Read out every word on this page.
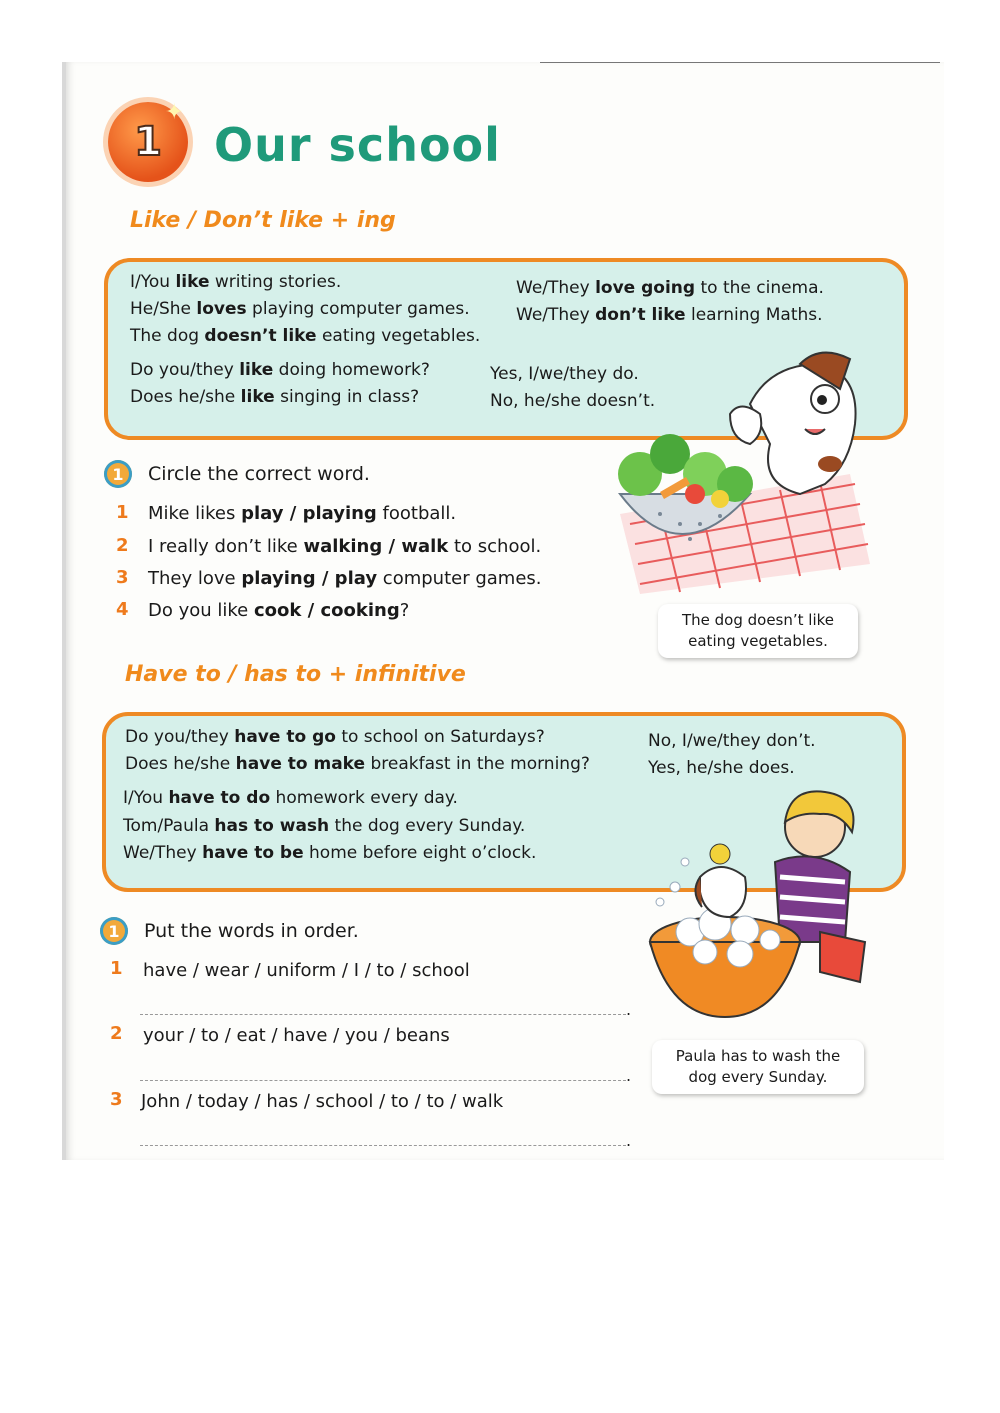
1
✦
Our school
Like / Don’t like + ing
I/You like writing stories.
He/She loves playing computer games.
The dog doesn’t like eating vegetables.
We/They love going to the cinema.
We/They don’t like learning Maths.
Do you/they like doing homework?
Does he/she like singing in class?
Yes, I/we/they do.
No, he/she doesn’t.
1 Circle the correct word.
1 Mike likes play / playing football.
2 I really don’t like walking / walk to school.
3 They love playing / play computer games.
4 Do you like cook / cooking?	The dog doesn’t like
eating vegetables.
Have to / has to + infinitive
Do you/they have to go to school on Saturdays?
Does he/she have to make breakfast in the morning?
No, I/we/they don’t.
Yes, he/she does.
I/You have to do homework every day.
Tom/Paula has to wash the dog every Sunday.
We/They have to be home before eight o’clock.
1 Put the words in order.
1 have / wear / uniform / I / to / school
.
2 your / to / eat / have / you / beans
.
3 John / today / has / school / to / to / walk
.
Paula has to wash the
dog every Sunday.
